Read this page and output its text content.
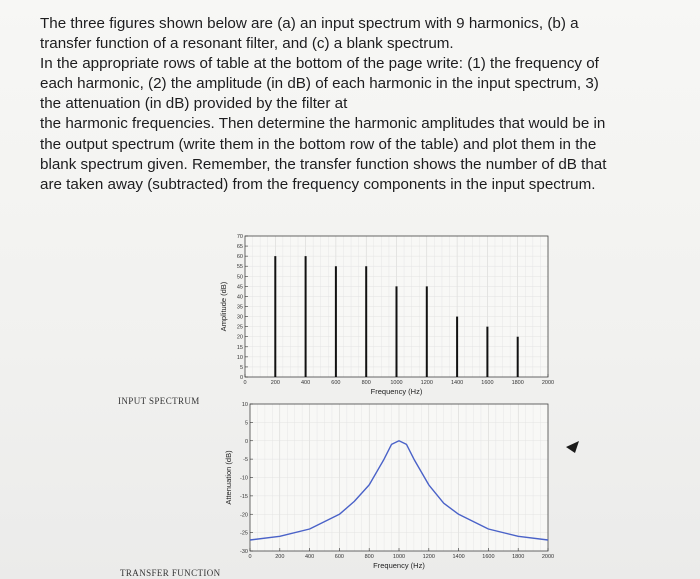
The three figures shown below are (a) an input spectrum with 9 harmonics, (b) a
transfer function of a resonant filter, and (c) a blank spectrum.
In the appropriate rows of table at the bottom of the page write: (1) the frequency of
each harmonic, (2) the amplitude (in dB) of each harmonic in the input spectrum, 3)
the attenuation (in dB) provided by the filter at
the harmonic frequencies. Then determine the harmonic amplitudes that would be in
the output spectrum (write them in the bottom row of the table) and plot them in the
blank spectrum given. Remember, the transfer function shows the number of dB that
are taken away (subtracted) from the frequency components in the input spectrum.
INPUT SPECTRUM
TRANSFER FUNCTION
0
5
10
15
20
25
30
35
40
45
50
55
60
65
70
0	200	400	600	800	1000	1200	1400	1600	1800	2000
Frequency (Hz)
Amplitude (dB)
10
5
0
-5
-10
-15
-20
-25
-30
0	200	400	600	800	1000	1200	1400	1600	1800	2000
Frequency (Hz)
Attenuation (dB)
